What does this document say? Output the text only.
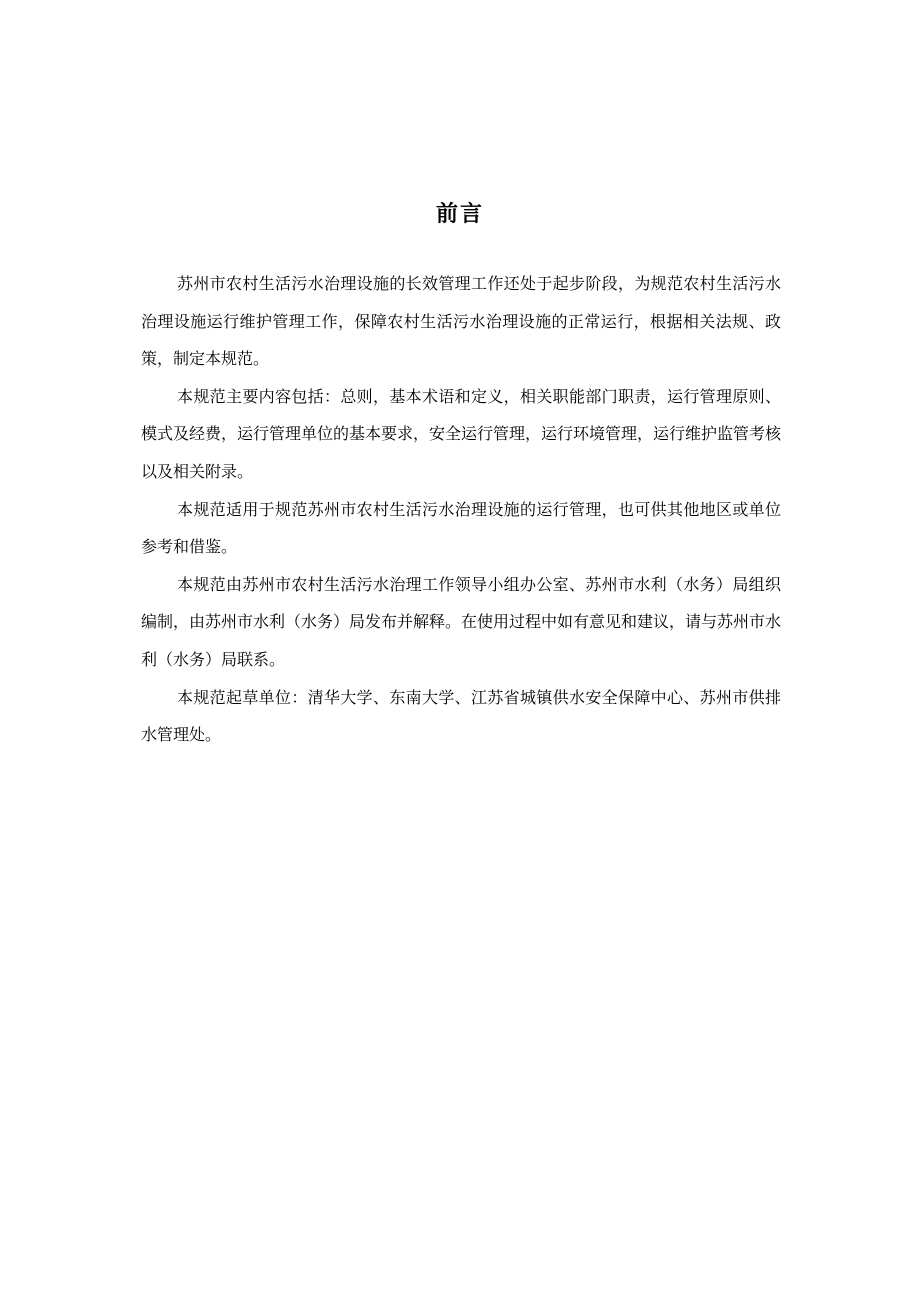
前言

苏州市农村生活污水治理设施的长效管理工作还处于起步阶段，为规范农村生活污水治理设施运行维护管理工作，保障农村生活污水治理设施的正常运行，根据相关法规、政策，制定本规范。

本规范主要内容包括：总则，基本术语和定义，相关职能部门职责，运行管理原则、模式及经费，运行管理单位的基本要求，安全运行管理，运行环境管理，运行维护监管考核以及相关附录。

本规范适用于规范苏州市农村生活污水治理设施的运行管理，也可供其他地区或单位参考和借鉴。

本规范由苏州市农村生活污水治理工作领导小组办公室、苏州市水利（水务）局组织编制，由苏州市水利（水务）局发布并解释。在使用过程中如有意见和建议，请与苏州市水利（水务）局联系。

本规范起草单位：清华大学、东南大学、江苏省城镇供水安全保障中心、苏州市供排水管理处。
